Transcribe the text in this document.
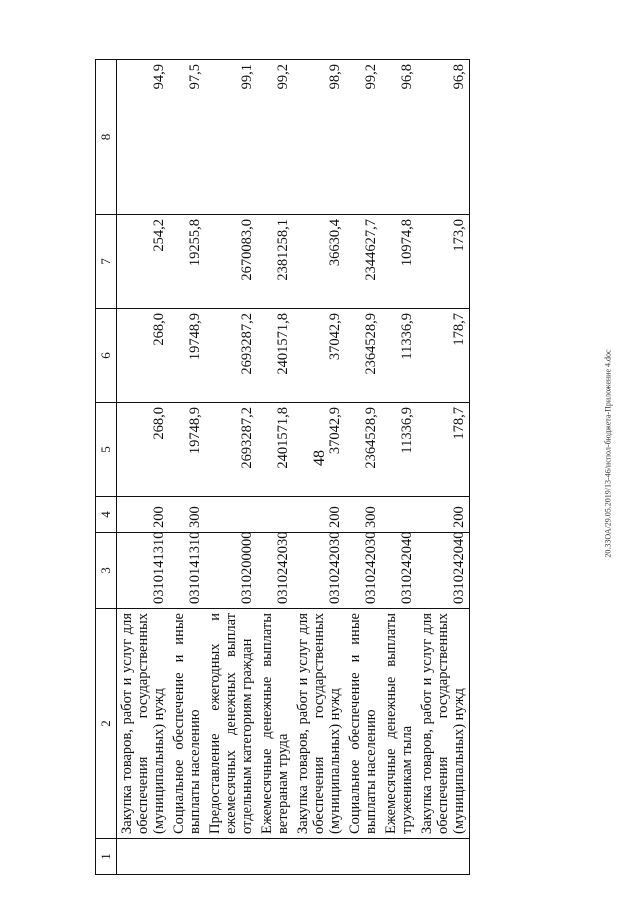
48	20.3ЗОА/29.05.2019/13-46/испол-бюджета-Приложение 4.doc
1	2	3	4	5	6	7	8
	Закупка товаров, работ и услуг для обеспечения государственных (муниципальных) нужд	0310141310	200	268,0	268,0	254,2	94,9
	Социальное обеспечение и иные выплаты населению	0310141310	300	19748,9	19748,9	19255,8	97,5
	Предоставление ежегодных и ежемесячных денежных выплат отдельным категориям граждан	0310200000		2693287,2	2693287,2	2670083,0	99,1
	Ежемесячные денежные выплаты ветеранам труда	0310242030		2401571,8	2401571,8	2381258,1	99,2
	Закупка товаров, работ и услуг для обеспечения государственных (муниципальных) нужд	0310242030	200	37042,9	37042,9	36630,4	98,9
	Социальное обеспечение и иные выплаты населению	0310242030	300	2364528,9	2364528,9	2344627,7	99,2
	Ежемесячные денежные выплаты труженикам тыла	0310242040		11336,9	11336,9	10974,8	96,8
	Закупка товаров, работ и услуг для обеспечения государственных (муниципальных) нужд	0310242040	200	178,7	178,7	173,0	96,8
